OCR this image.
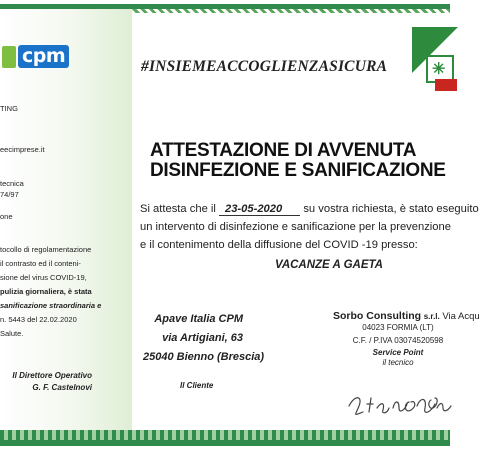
cpm
TING
eecimprese.it
tecnica
74/97
one
tocollo di regolamentazione
il contrasto ed il conteni-
sione del virus COVID-19,
pulizia giornaliera, è stata
sanificazione straordinaria e
n. 5443 del 22.02.2020
Salute.
Il Direttore Operativo
G. F. Castelnovi
#INSIEMEACCOGLIENZASICURA	✳
ATTESTAZIONE DI AVVENUTA
DISINFEZIONE E SANIFICAZIONE
Si attesta che il 23-05-2020 su vostra richiesta, è stato eseguito
un intervento di disinfezione e sanificazione per la prevenzione
e il contenimento della diffusione del COVID -19 presso:
VACANZE A GAETA
Apave Italia CPM
via Artigiani, 63
25040 Bienno (Brescia)
Sorbo Consulting s.r.l. Via Acqu
04023 FORMIA (LT)
C.F. / P.IVA 03074520598
Service Point
il tecnico
Il Cliente
